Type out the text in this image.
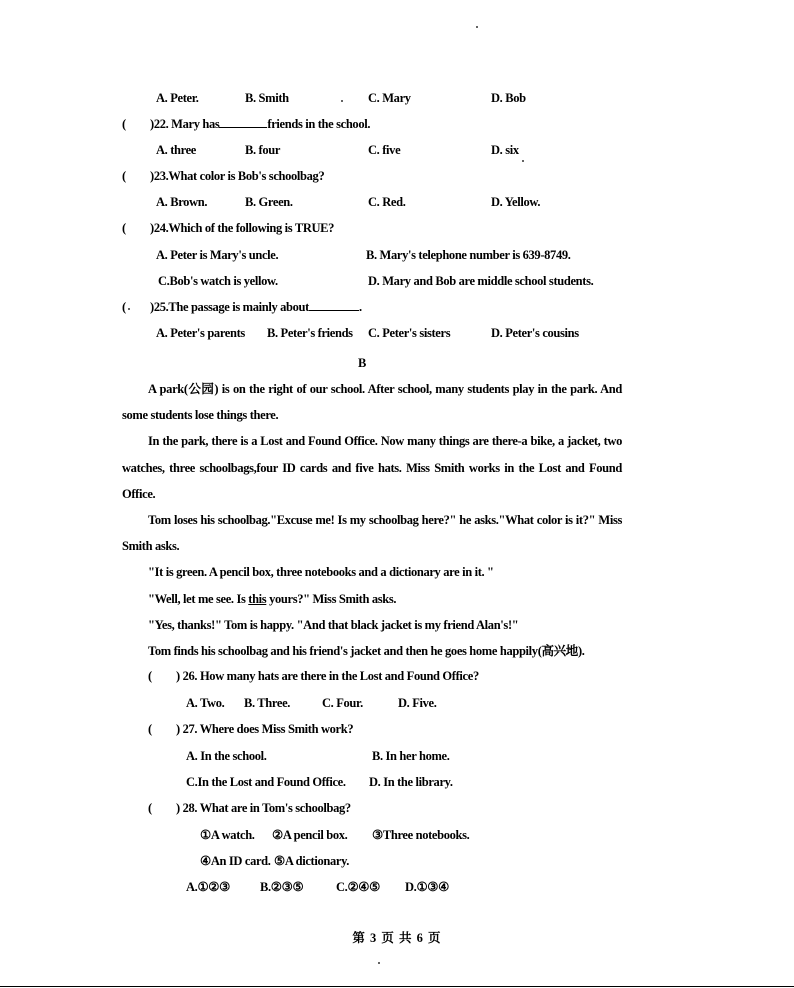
A. Peter.	B. Smith	C. Mary	D. Bob
( )22. Mary has	friends in the school.
A. three	B. four	C. five	D. six
( )23.What color is Bob's schoolbag?
A. Brown.	B. Green.	C. Red.	D. Yellow.
( )24.Which of the following is TRUE?
A. Peter is Mary's uncle.	B. Mary's telephone number is 639-8749.
C.Bob's watch is yellow.	D. Mary and Bob are middle school students.
( )25.The passage is mainly about	.
A. Peter's parents B. Peter's friends C. Peter's sisters	D. Peter's cousins
B
A park(公园) is on the right of our school. After school, many students play in the park. And some students lose things there.
In the park, there is a Lost and Found Office. Now many things are there-a bike, a jacket, two watches, three schoolbags,four ID cards and five hats. Miss Smith works in the Lost and Found Office.
Tom loses his schoolbag."Excuse me! Is my schoolbag here?" he asks."What color is it?" Miss Smith asks.
"It is green. A pencil box, three notebooks and a dictionary are in it. "
"Well, let me see. Is this yours?" Miss Smith asks.
"Yes, thanks!" Tom is happy. "And that black jacket is my friend Alan's!"
Tom finds his schoolbag and his friend's jacket and then he goes home happily(高兴地).
( ) 26. How many hats are there in the Lost and Found Office?
A. Two. B. Three.	C. Four.	D. Five.
( ) 27. Where does Miss Smith work?
A. In the school.	B. In her home.
C.In the Lost and Found Office. D. In the library.
( ) 28. What are in Tom's schoolbag?
①A watch. ②A pencil box. ③Three notebooks.
④An ID card. ⑤A dictionary.
A.①②③ B.②③⑤	C.②④⑤ D.①③④
第 3 页 共 6 页
